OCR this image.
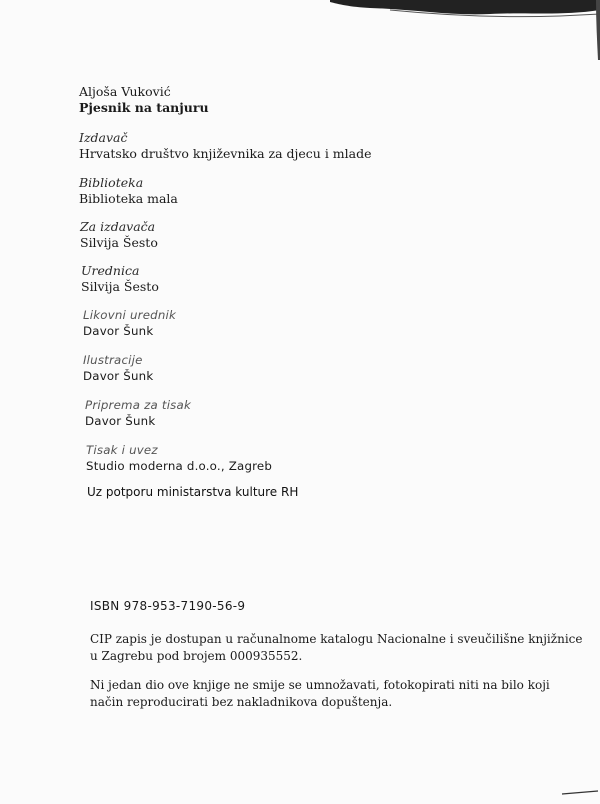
Aljoša Vuković
Pjesnik na tanjuru
Izdavač
Hrvatsko društvo književnika za djecu i mlade
Biblioteka
Biblioteka mala
Za izdavača
Silvija Šesto
Urednica
Silvija Šesto
Likovni urednik
Davor Šunk
Ilustracije
Davor Šunk
Priprema za tisak
Davor Šunk
Tisak i uvez
Studio moderna d.o.o., Zagreb
Uz potporu ministarstva kulture RH
ISBN 978-953-7190-56-9
CIP zapis je dostupan u računalnome katalogu Nacionalne i sveučilišne knjižnice
u Zagrebu pod brojem 000935552.
Ni jedan dio ove knjige ne smije se umnožavati, fotokopirati niti na bilo koji
način reproducirati bez nakladnikova dopuštenja.
